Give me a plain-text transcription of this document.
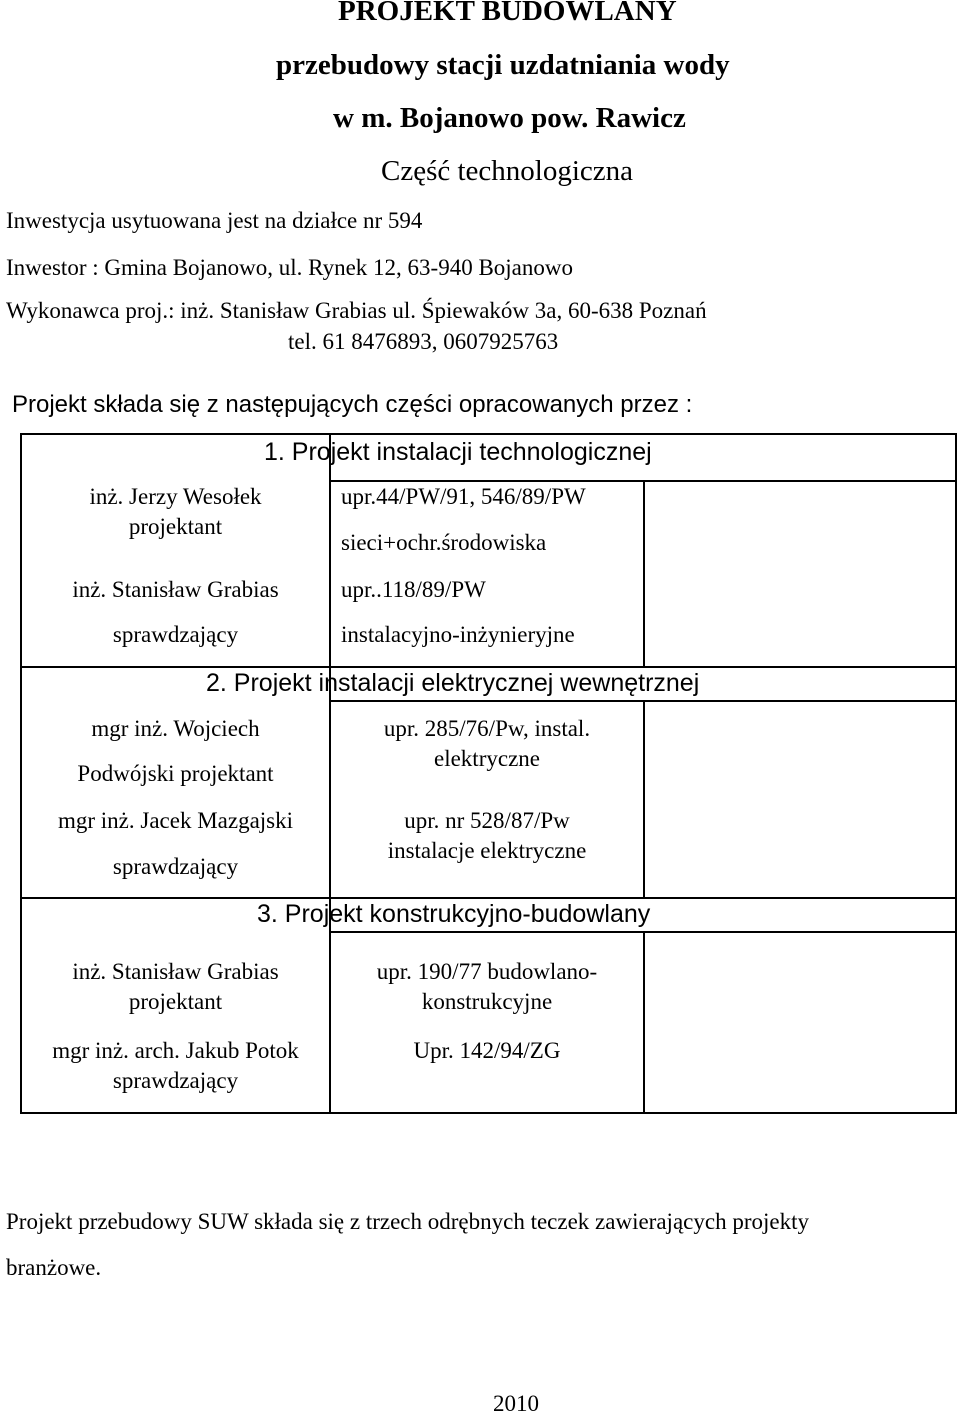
PROJEKT BUDOWLANY
przebudowy stacji uzdatniania wody
w m. Bojanowo pow. Rawicz
Część technologiczna
Inwestycja usytuowana jest na działce nr 594
Inwestor : Gmina Bojanowo, ul. Rynek 12, 63-940 Bojanowo
Wykonawca proj.: inż. Stanisław Grabias ul. Śpiewaków 3a, 60-638 Poznań
tel. 61 8476893, 0607925763
Projekt składa się z następujących części opracowanych przez :
1. Projekt instalacji technologicznej
inż. Jerzy Wesołek
projektant
upr.44/PW/91, 546/89/PW
sieci+ochr.środowiska
inż. Stanisław Grabias
sprawdzający
upr..118/89/PW
instalacyjno-inżynieryjne
2. Projekt instalacji elektrycznej wewnętrznej
mgr inż. Wojciech
Podwójski projektant
upr. 285/76/Pw, instal.
elektryczne
mgr inż. Jacek Mazgajski
sprawdzający
upr. nr 528/87/Pw
instalacje elektryczne
3. Projekt konstrukcyjno-budowlany
inż. Stanisław Grabias
projektant
upr. 190/77 budowlano-
konstrukcyjne
mgr inż. arch. Jakub Potok
sprawdzający
Upr. 142/94/ZG
Projekt przebudowy SUW składa się z trzech odrębnych teczek zawierających projekty
branżowe.
2010
